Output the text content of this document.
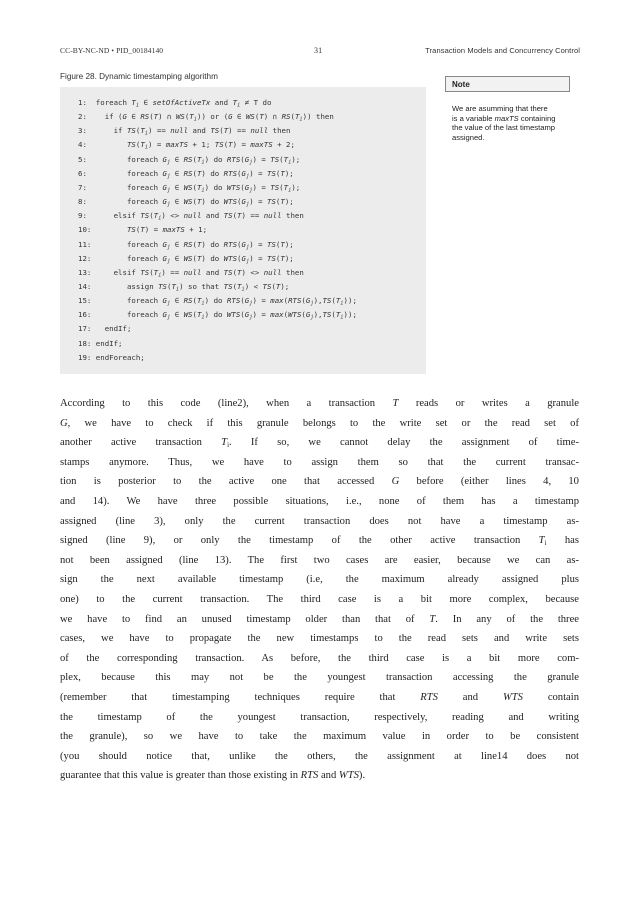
CC-BY-NC-ND • PID_00184140	31	Transaction Models and Concurrency Control
Figure 28. Dynamic timestamping algorithm
1:  foreach $T_i$ ∈ setOfActiveTx and $T_i \ne T$ do
2:    if (G ∈ RS(T) ∩ $WS(T_i)$) or (G ∈ WS(T) ∩ $RS(T_i)$) then
3:      if $TS(T_i)$ == null and TS(T) == null then
4:         $TS(T_i)$ = maxTS + 1; TS(T) = maxTS + 2;
5:         foreach $G_j$ ∈ $RS(T_i)$ do $RTS(G_j) = TS(T_i)$;
6:         foreach $G_j$ ∈ RS(T) do $RTS(G_j) = TS(T)$;
7:         foreach $G_j$ ∈ $WS(T_i)$ do $WTS(G_j) = TS(T_i)$;
8:         foreach $G_j$ ∈ WS(T) do $WTS(G_j) = TS(T)$;
9:      elsif $TS(T_i)$ <> null and TS(T) == null then
10:        TS(T) = maxTS + 1;
11:        foreach $G_j$ ∈ RS(T) do $RTS(G_j) = TS(T)$;
12:        foreach $G_j$ ∈ WS(T) do $WTS(G_j) = TS(T)$;
13:     elsif $TS(T_i)$ == null and TS(T) <> null then
14:        assign $TS(T_i)$ so that $TS(T_i) < TS(T)$;
15:        foreach $G_j$ ∈ $RS(T_i)$ do $RTS(G_j) = \max(RTS(G_j),TS(T_i))$;
16:        foreach $G_j$ ∈ $WS(T_i)$ do $WTS(G_j) = \max(WTS(G_j),TS(T_i))$;
17:   endIf;
18: endIf;
19: endForeach;
Note
We are asumming that there
is a variable maxTS containing
the value of the last timestamp
assigned.
According to this code (line2), when a transaction T reads or writes a granule
G, we have to check if this granule belongs to the write set or the read set of
another active transaction $T_i$. If so, we cannot delay the assignment of time-
stamps anymore. Thus, we have to assign them so that the current transac-
tion is posterior to the active one that accessed G before (either lines 4, 10
and 14). We have three possible situations, i.e., none of them has a timestamp
assigned (line 3), only the current transaction does not have a timestamp as-
signed (line 9), or only the timestamp of the other active transaction $T_i$ has
not been assigned (line 13). The first two cases are easier, because we can as-
sign the next available timestamp (i.e, the maximum already assigned plus
one) to the current transaction. The third case is a bit more complex, because
we have to find an unused timestamp older than that of T. In any of the three
cases, we have to propagate the new timestamps to the read sets and write sets
of the corresponding transaction. As before, the third case is a bit more com-
plex, because this may not be the youngest transaction accessing the granule
(remember that timestamping techniques require that RTS and WTS contain
the timestamp of the youngest transaction, respectively, reading and writing
the granule), so we have to take the maximum value in order to be consistent
(you should notice that, unlike the others, the assignment at line14 does not
guarantee that this value is greater than those existing in RTS and WTS).
